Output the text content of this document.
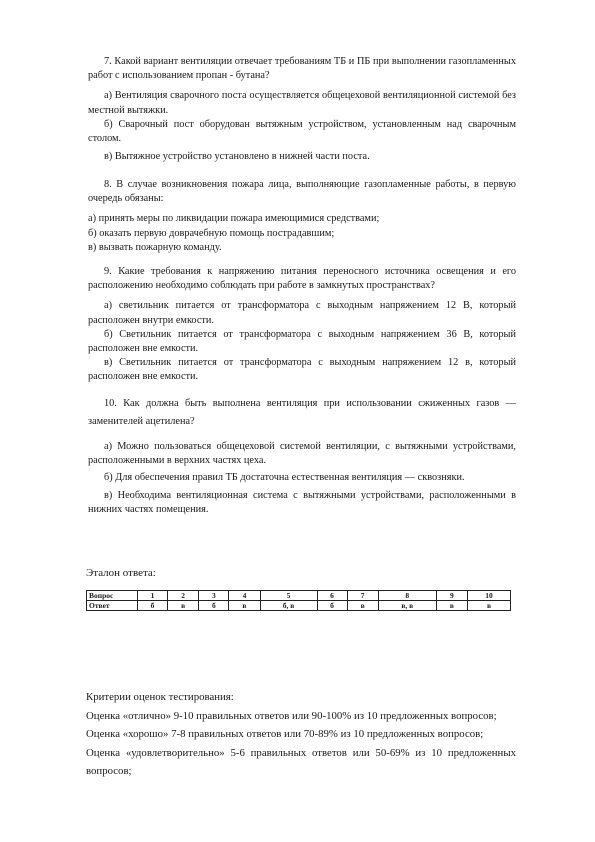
7. Какой вариант вентиляции отвечает требованиям ТБ и ПБ при выполнении газопламенных работ с использованием пропан - бутана?

а) Вентиляция сварочного поста осуществляется общецеховой вентиляционной системой без местной вытяжки.

б) Сварочный пост оборудован вытяжным устройством, установленным над сварочным столом.

в) Вытяжное устройство установлено в нижней части поста.

8. В случае возникновения пожара лица, выполняющие газопламенные работы, в первую очередь обязаны:

а) принять меры по ликвидации пожара имеющимися средствами;

б) оказать первую доврачебную помощь пострадавшим;

в) вызвать пожарную команду.

9. Какие требования к напряжению питания переносного источника освещения и его расположению необходимо соблюдать при работе в замкнутых пространствах?

а) светильник питается от трансформатора с выходным напряжением 12 В, который расположен внутри емкости.

б) Светильник питается от трансформатора с выходным напряжением 36 В, который расположен вне емкости.

в) Светильник питается от трансформатора с выходным напряжением 12 в, который расположен вне емкости.

10. Как должна быть выполнена вентиляция при использовании сжиженных газов — заменителей ацетилена?

а) Можно пользоваться общецеховой системой вентиляции, с вытяжными устройствами, расположенными в верхних частях цеха.

б) Для обеспечения правил ТБ достаточна естественная вентиляция — сквозняки.

в) Необходима вентиляционная система с вытяжными устройствами, расположенными в нижних частях помещения.

Эталон ответа:
Вопрос	1	2	3	4	5	6	7	8	9	10
Ответ	б	в	б	в	б, в	б	в	в, в	в	в

Критерии оценок тестирования:

Оценка «отлично» 9-10 правильных ответов или 90-100% из 10 предложенных вопросов;

Оценка «хорошо» 7-8 правильных ответов или 70-89% из 10 предложенных вопросов;

Оценка «удовлетворительно» 5-6 правильных ответов или 50-69% из 10 предложенных вопросов;
